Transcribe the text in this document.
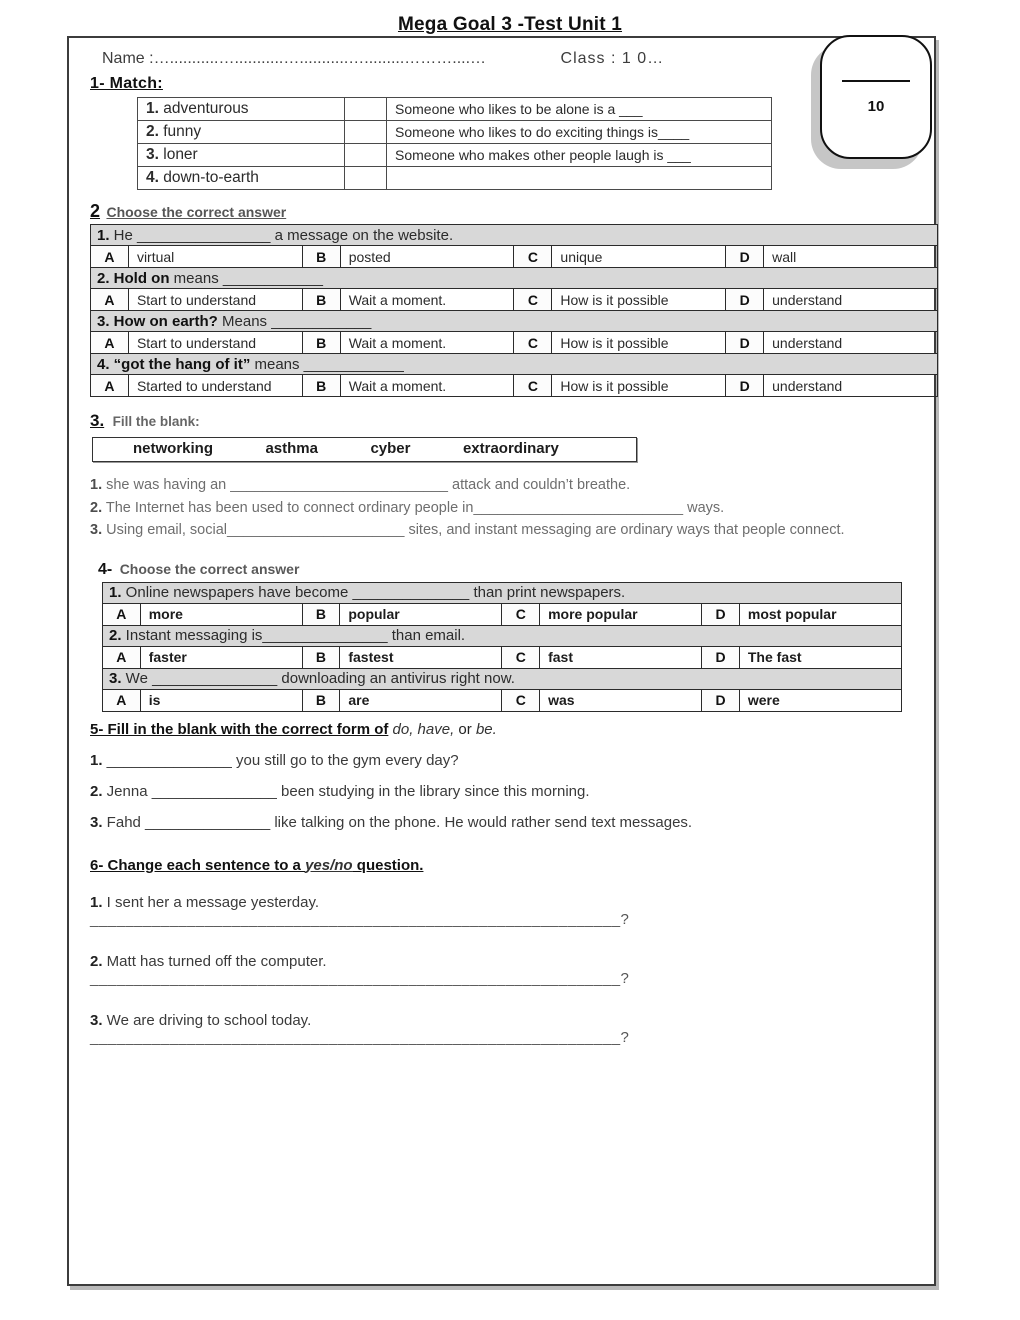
Mega Goal 3 -Test Unit 1
10
Name :…...........…...........…...........….........………....…	Class : 1 0…
1- Match:
1. adventurous		Someone who likes to be alone is a ___
2. funny		Someone who likes to do exciting things is____
3. loner		Someone who makes other people laugh is ___
4. down-to-earth		
2 Choose the correct answer
1. He ________________ a message on the website.							
A	virtual	B	posted	C	unique	D	wall
2. Hold on means ____________							
A	Start to understand	B	Wait a moment.	C	How is it possible	D	understand
3. How on earth? Means ____________							
A	Start to understand	B	Wait a moment.	C	How is it possible	D	understand
4. “got the hang of it” means ____________							
A	Started to understand	B	Wait a moment.	C	How is it possible	D	understand
3. Fill the blank:
networking	asthma	cyber	extraordinary

1. she was having an ___________________________ attack and couldn’t breathe.

2. The Internet has been used to connect ordinary people in__________________________ ways.

3. Using email, social______________________ sites, and instant messaging are ordinary ways that people connect.

4- Choose the correct answer
1. Online newspapers have become ______________ than print newspapers.							
A	more	B	popular	C	more popular	D	most popular
2. Instant messaging is_______________ than email.							
A	faster	B	fastest	C	fast	D	The fast
3. We _______________ downloading an antivirus right now.							
A	is	B	are	C	was	D	were
5- Fill in the blank with the correct form of do, have, or be.

1. _______________ you still go to the gym every day?

2. Jenna _______________ been studying in the library since this morning.

3. Fahd _______________ like talking on the phone. He would rather send text messages.

6- Change each sentence to a yes/no question.

1. I sent her a message yesterday.

____________________________________________________________?

2. Matt has turned off the computer.

____________________________________________________________?

3. We are driving to school today.

____________________________________________________________?
